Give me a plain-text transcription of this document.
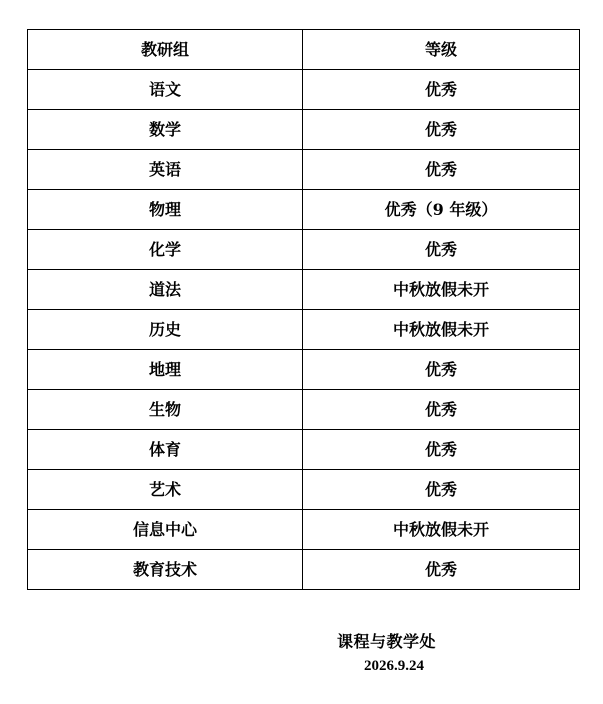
教研组	等级
语文	优秀
数学	优秀
英语	优秀
物理	优秀（9 年级）
化学	优秀
道法	中秋放假未开
历史	中秋放假未开
地理	优秀
生物	优秀
体育	优秀
艺术	优秀
信息中心	中秋放假未开
教育技术	优秀
课程与教学处
2026.9.24
